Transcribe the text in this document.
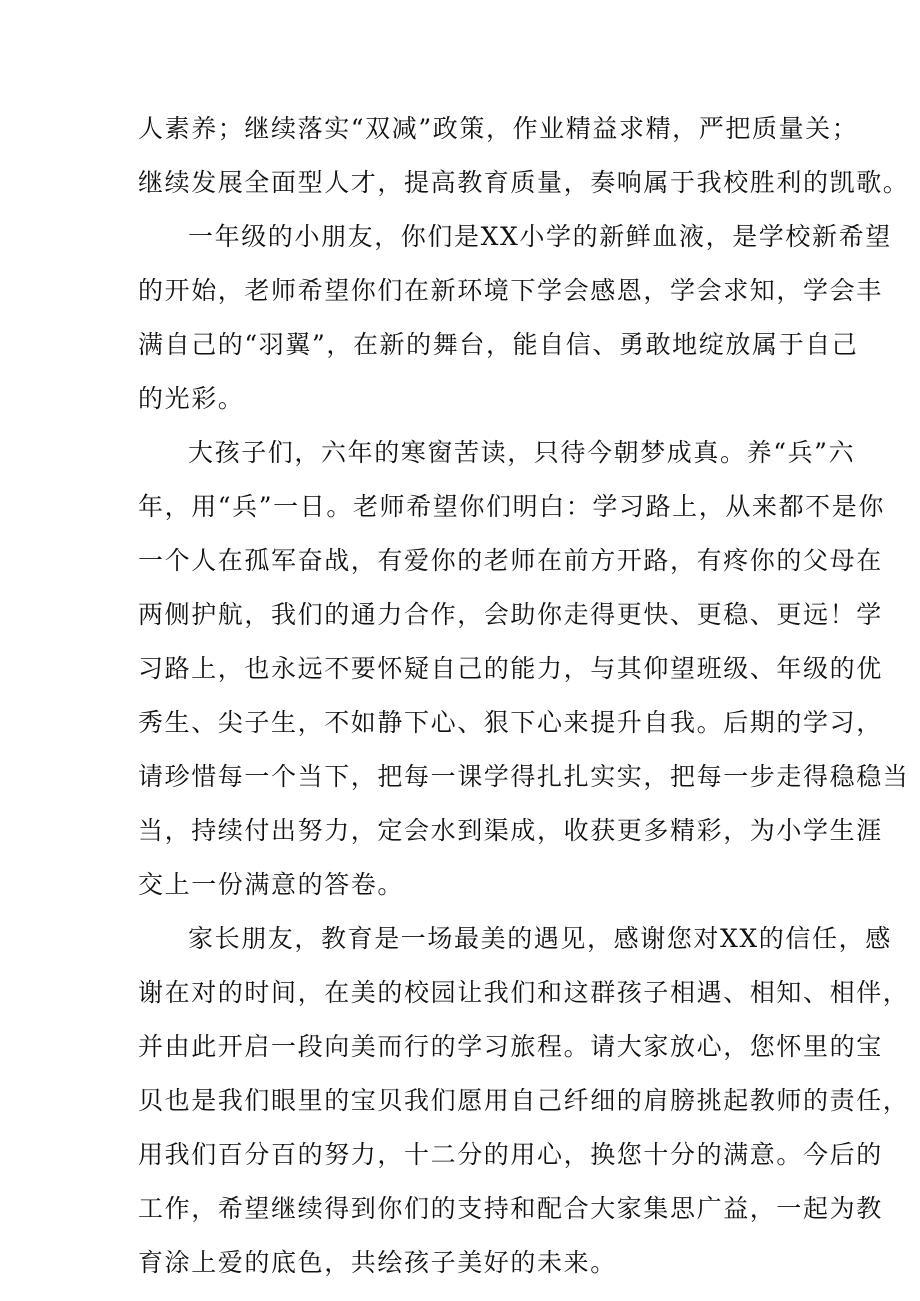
人素养；继续落实“双减”政策，作业精益求精，严把质量关；
继续发展全面型人才，提高教育质量，奏响属于我校胜利的凯歌。
一年级的小朋友，你们是XX小学的新鲜血液，是学校新希望
的开始，老师希望你们在新环境下学会感恩，学会求知，学会丰
满自己的“羽翼”，在新的舞台，能自信、勇敢地绽放属于自己
的光彩。
大孩子们，六年的寒窗苦读，只待今朝梦成真。养“兵”六
年，用“兵”一日。老师希望你们明白：学习路上，从来都不是你
一个人在孤军奋战，有爱你的老师在前方开路，有疼你的父母在
两侧护航，我们的通力合作，会助你走得更快、更稳、更远！学
习路上，也永远不要怀疑自己的能力，与其仰望班级、年级的优
秀生、尖子生，不如静下心、狠下心来提升自我。后期的学习，
请珍惜每一个当下，把每一课学得扎扎实实，把每一步走得稳稳当
当，持续付出努力，定会水到渠成，收获更多精彩，为小学生涯
交上一份满意的答卷。
家长朋友，教育是一场最美的遇见，感谢您对XX的信任，感
谢在对的时间，在美的校园让我们和这群孩子相遇、相知、相伴，
并由此开启一段向美而行的学习旅程。请大家放心，您怀里的宝
贝也是我们眼里的宝贝我们愿用自己纤细的肩膀挑起教师的责任，
用我们百分百的努力，十二分的用心，换您十分的满意。今后的
工作，希望继续得到你们的支持和配合大家集思广益，一起为教
育涂上爱的底色，共绘孩子美好的未来。
